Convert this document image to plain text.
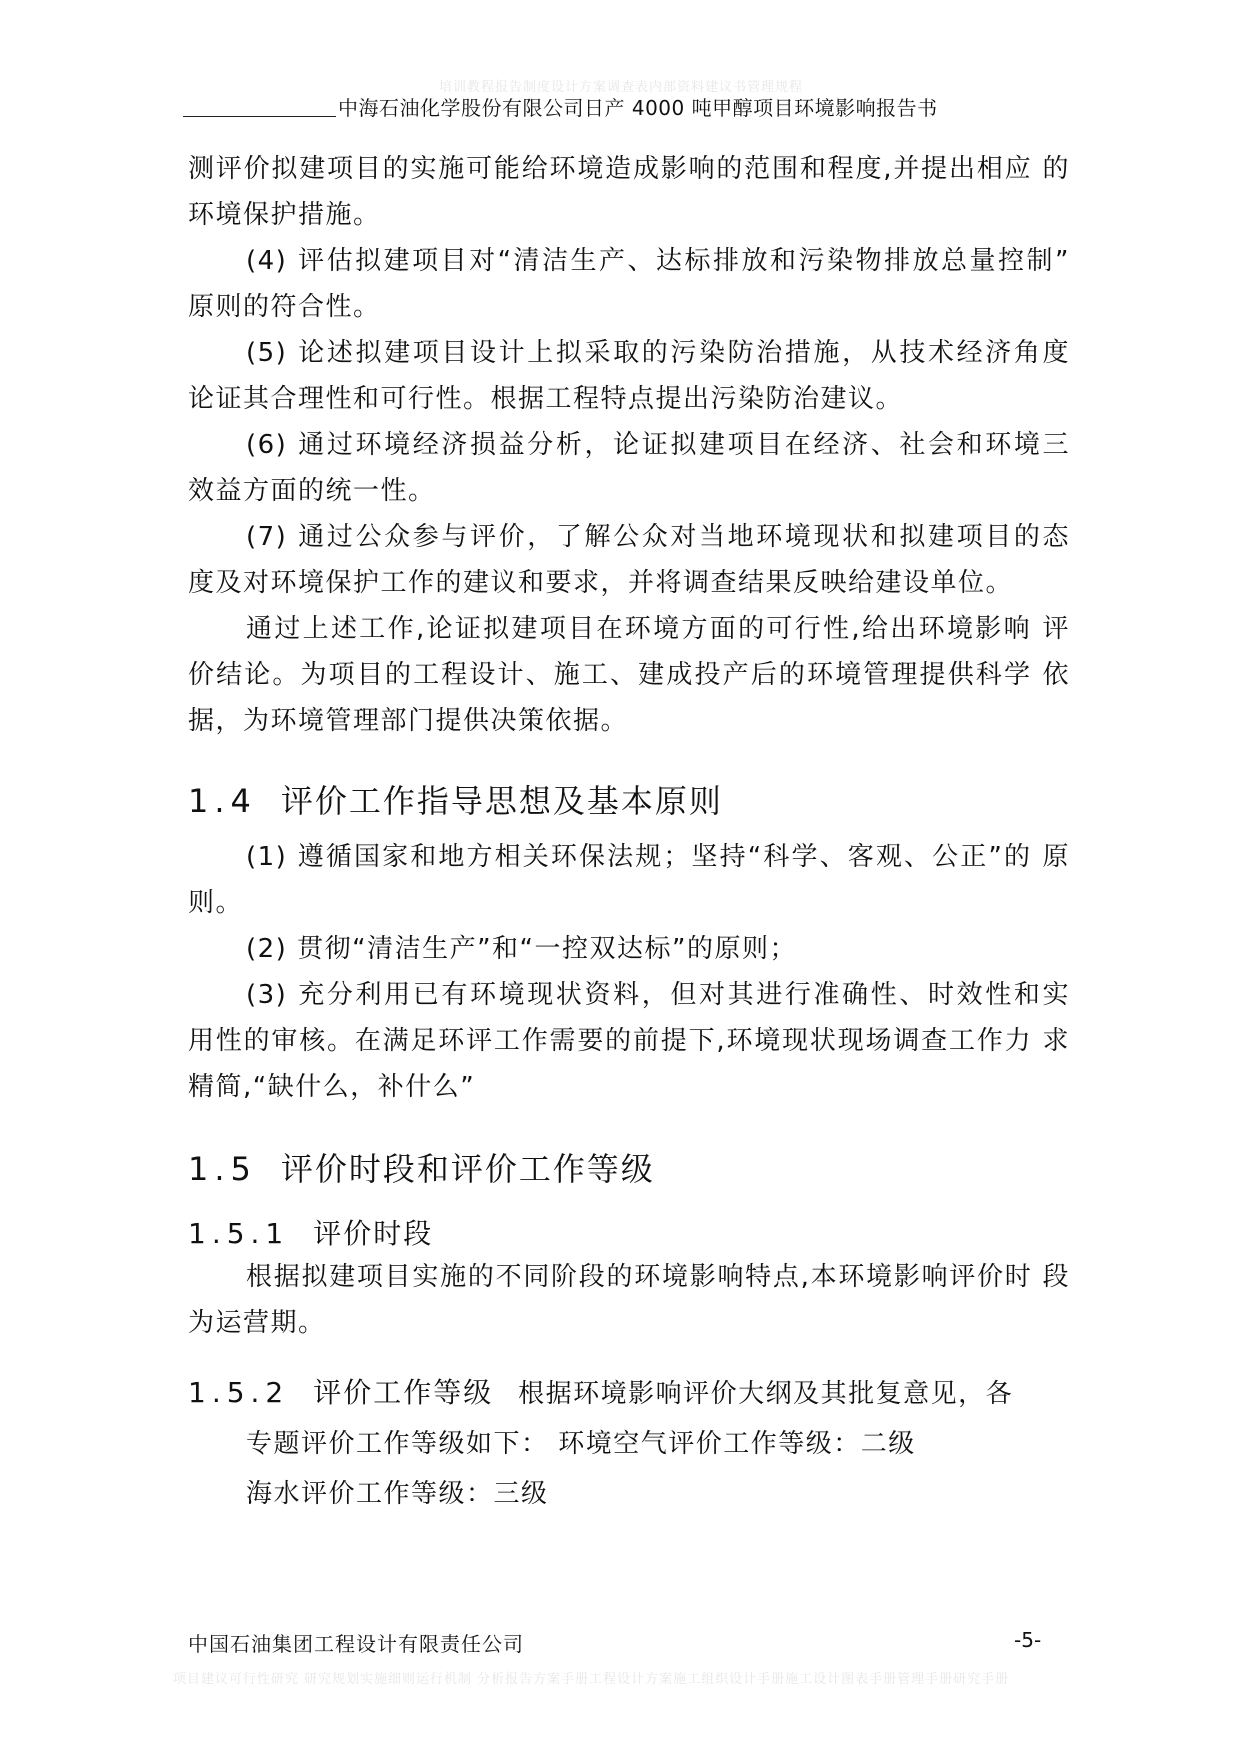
培训教程报告制度设计方案调查表内部资料建议书管理规程
中海石油化学股份有限公司日产 4000 吨甲醇项目环境影响报告书

测评价拟建项目的实施可能给环境造成影响的范围和程度,并提出相应 的环境保护措施。

(4) 评估拟建项目对“清洁生产、达标排放和污染物排放总量控制” 原则的符合性。

(5) 论述拟建项目设计上拟采取的污染防治措施，从技术经济角度 论证其合理性和可行性。根据工程特点提出污染防治建议。

(6) 通过环境经济损益分析，论证拟建项目在经济、社会和环境三 效益方面的统一性。

(7) 通过公众参与评价，了解公众对当地环境现状和拟建项目的态 度及对环境保护工作的建议和要求，并将调查结果反映给建设单位。

通过上述工作,论证拟建项目在环境方面的可行性,给出环境影响 评价结论。为项目的工程设计、施工、建成投产后的环境管理提供科学 依据，为环境管理部门提供决策依据。

1.4 评价工作指导思想及基本原则

(1) 遵循国家和地方相关环保法规；坚持“科学、客观、公正”的 原则。

(2) 贯彻“清洁生产”和“一控双达标”的原则；

(3) 充分利用已有环境现状资料，但对其进行准确性、时效性和实 用性的审核。在满足环评工作需要的前提下,环境现状现场调查工作力 求精简,“缺什么，补什么”

1.5 评价时段和评价工作等级
1.5.1 评价时段

根据拟建项目实施的不同阶段的环境影响特点,本环境影响评价时 段为运营期。

1.5.2 评价工作等级 根据环境影响评价大纲及其批复意见，各

专题评价工作等级如下： 环境空气评价工作等级：二级

海水评价工作等级：三级

中国石油集团工程设计有限责任公司	-5-
项目建议可行性研究 研究规划实施细则运行机制 分析报告方案手册工程设计方案施工组织设计手册施工设计图表手册管理手册研究手册
